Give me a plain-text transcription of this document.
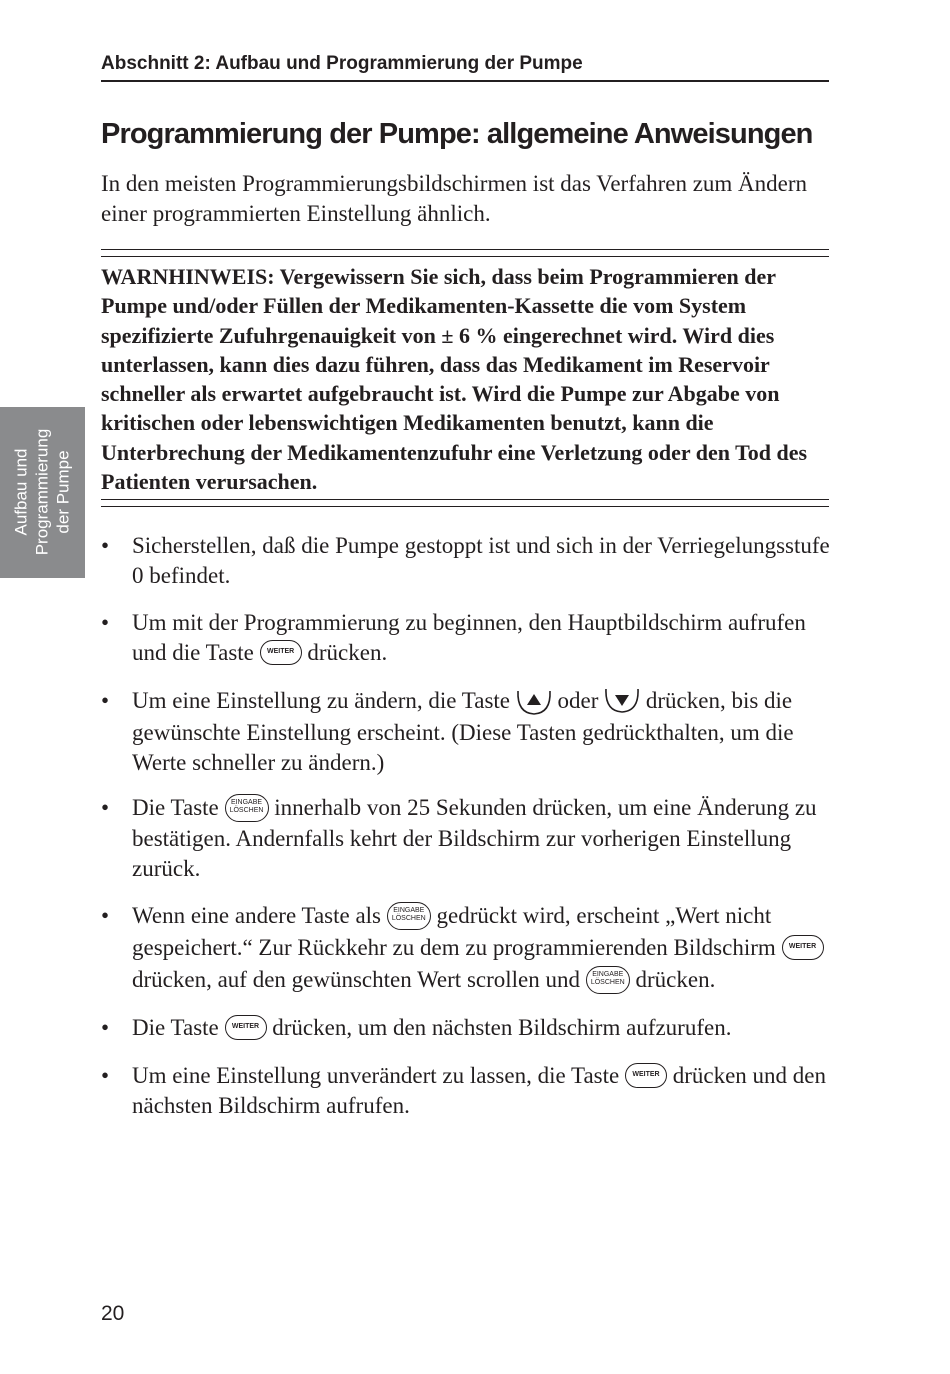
Abschnitt 2: Aufbau und Programmierung der Pumpe
Programmierung der Pumpe: allgemeine Anweisungen
In den meisten Programmierungsbildschirmen ist das Verfahren zum Ändern einer programmierten Einstellung ähnlich.
WARNHINWEIS: Vergewissern Sie sich, dass beim Programmieren der Pumpe und/oder Füllen der Medikamenten-Kassette die vom System spezifizierte Zufuhrgenauigkeit von ± 6 % eingerechnet wird. Wird dies unterlassen, kann dies dazu führen, dass das Medikament im Reservoir schneller als erwartet aufgebraucht ist. Wird die Pumpe zur Abgabe von kritischen oder lebenswichtigen Medikamenten benutzt, kann die Unterbrechung der Medikamentenzufuhr eine Verletzung oder den Tod des Patienten verursachen.
Aufbau und Programmierung der Pumpe
• Sicherstellen, daß die Pumpe gestoppt ist und sich in der Verriegelungsstufe 0 befindet.
• Um mit der Programmierung zu beginnen, den Hauptbildschirm aufrufen und die Taste WEITER drücken.
• Um eine Einstellung zu ändern, die Taste  oder  drücken, bis die gewünschte Einstellung erscheint. (Diese Tasten gedrückthalten, um die Werte schneller zu ändern.)
• Die Taste EINGABE
LÖSCHEN innerhalb von 25 Sekunden drücken, um eine Änderung zu bestätigen. Andernfalls kehrt der Bildschirm zur vorherigen Einstellung zurück.
• Wenn eine andere Taste als EINGABE
LÖSCHEN gedrückt wird, erscheint „Wert nicht gespeichert.“ Zur Rückkehr zu dem zu programmierenden Bildschirm WEITER drücken, auf den gewünschten Wert scrollen und EINGABE
LÖSCHEN drücken.
• Die Taste WEITER drücken, um den nächsten Bildschirm aufzurufen.
• Um eine Einstellung unverändert zu lassen, die Taste WEITER drücken und den nächsten Bildschirm aufrufen.
20
